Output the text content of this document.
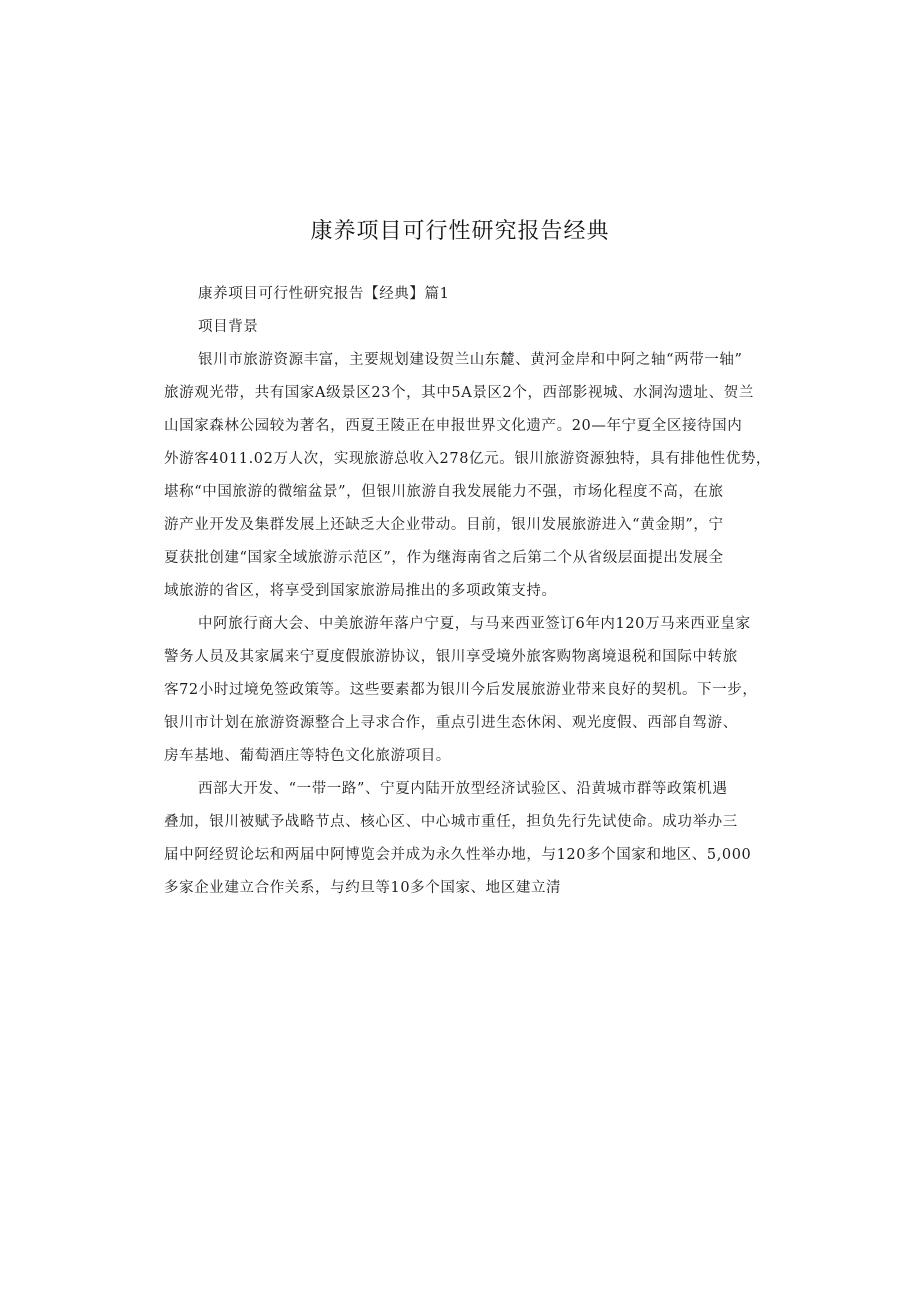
康养项目可行性研究报告经典
康养项目可行性研究报告【经典】篇1
项目背景
银川市旅游资源丰富，主要规划建设贺兰山东麓、黄河金岸和中阿之轴“两带一轴”
旅游观光带，共有国家A级景区23个，其中5A景区2个，西部影视城、水洞沟遗址、贺兰
山国家森林公园较为著名，西夏王陵正在申报世界文化遗产。20—年宁夏全区接待国内
外游客4011.02万人次，实现旅游总收入278亿元。银川旅游资源独特，具有排他性优势，
堪称“中国旅游的微缩盆景”，但银川旅游自我发展能力不强，市场化程度不高，在旅
游产业开发及集群发展上还缺乏大企业带动。目前，银川发展旅游进入“黄金期”，宁
夏获批创建“国家全域旅游示范区”，作为继海南省之后第二个从省级层面提出发展全
域旅游的省区，将享受到国家旅游局推出的多项政策支持。
中阿旅行商大会、中美旅游年落户宁夏，与马来西亚签订6年内120万马来西亚皇家
警务人员及其家属来宁夏度假旅游协议，银川享受境外旅客购物离境退税和国际中转旅
客72小时过境免签政策等。这些要素都为银川今后发展旅游业带来良好的契机。下一步，
银川市计划在旅游资源整合上寻求合作，重点引进生态休闲、观光度假、西部自驾游、
房车基地、葡萄酒庄等特色文化旅游项目。
西部大开发、“一带一路”、宁夏内陆开放型经济试验区、沿黄城市群等政策机遇
叠加，银川被赋予战略节点、核心区、中心城市重任，担负先行先试使命。成功举办三
届中阿经贸论坛和两届中阿博览会并成为永久性举办地，与120多个国家和地区、5,000
多家企业建立合作关系，与约旦等10多个国家、地区建立清
